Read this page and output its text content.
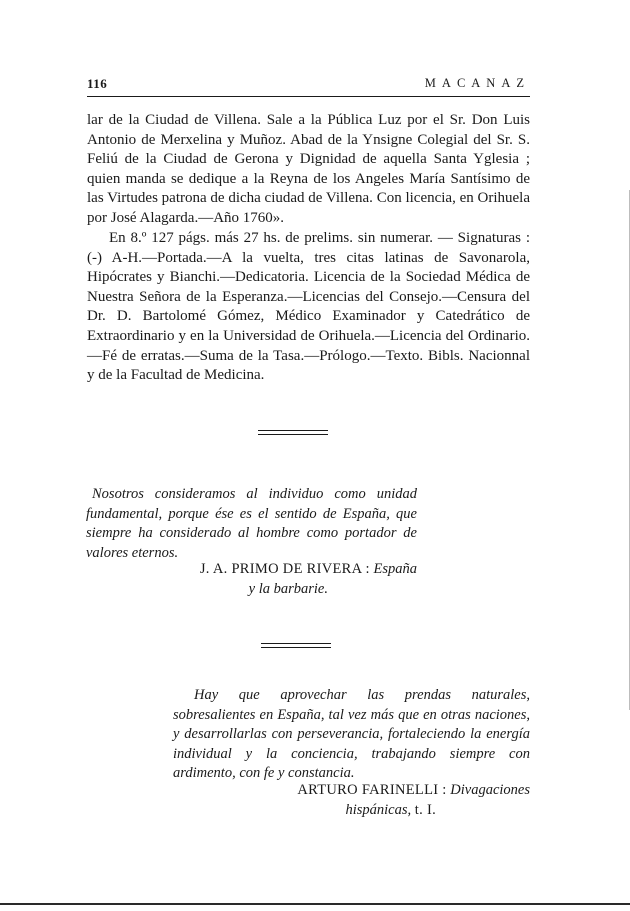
116	MACANAZ

lar de la Ciudad de Villena. Sale a la Pública Luz por el Sr. Don Luis Antonio de Merxelina y Muñoz. Abad de la Ynsigne Colegial del Sr. S. Feliú de la Ciudad de Gerona y Dignidad de aquella Santa Yglesia ; quien manda se dedique a la Reyna de los Angeles María Santísimo de las Virtudes patrona de dicha ciudad de Villena. Con licencia, en Orihuela por José Alagarda.—Año 1760».

En 8.º 127 págs. más 27 hs. de prelims. sin numerar. — Signaturas : (-) A-H.—Portada.—A la vuelta, tres citas latinas de Savonarola, Hipócrates y Bianchi.—Dedicatoria. Licencia de la Sociedad Médica de Nuestra Señora de la Esperanza.—Licencias del Consejo.—Censura del Dr. D. Bartolomé Gómez, Médico Examinador y Catedrático de Extraordinario y en la Universidad de Orihuela.—Licencia del Ordinario.—Fé de erratas.—Suma de la Tasa.—Prólogo.—Texto. Bibls. Nacionnal y de la Facultad de Medicina.

Nosotros consideramos al individuo como unidad fundamental, porque ése es el sentido de España, que siempre ha considerado al hombre como portador de valores eternos.

J. A. PRIMO DE RIVERA : España

y la barbarie.

Hay que aprovechar las prendas naturales, sobresalientes en España, tal vez más que en otras naciones, y desarrollarlas con perseverancia, fortaleciendo la energía individual y la conciencia, trabajando siempre con ardimento, con fe y constancia.

ARTURO FARINELLI : Divagaciones

hispánicas, t. I.
